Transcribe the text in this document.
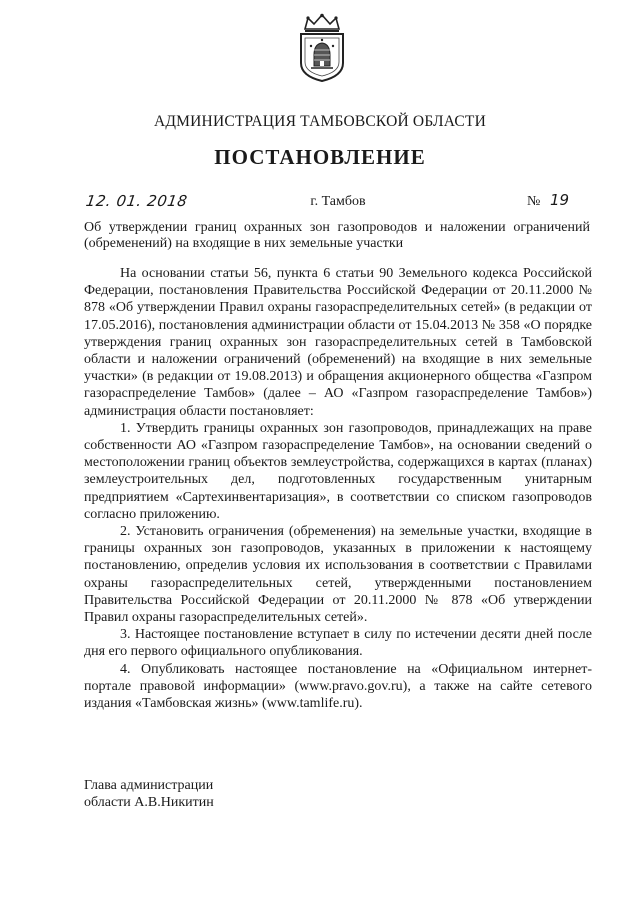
АДМИНИСТРАЦИЯ ТАМБОВСКОЙ ОБЛАСТИ
ПОСТАНОВЛЕНИЕ
12. 01. 2018	г. Тамбов	№ 19
Об утверждении границ охранных зон газопроводов и наложении ограничений (обременений) на входящие в них земельные участки

На основании статьи 56, пункта 6 статьи 90 Земельного кодекса Российской Федерации, постановления Правительства Российской Федерации от 20.11.2000 № 878 «Об утверждении Правил охраны газораспределительных сетей» (в редакции от 17.05.2016), постановления администрации области от 15.04.2013 № 358 «О порядке утверждения границ охранных зон газораспределительных сетей в Тамбовской области и наложении ограничений (обременений) на входящие в них земельные участки» (в редакции от 19.08.2013) и обращения акционерного общества «Газпром газораспределение Тамбов» (далее – АО «Газпром газораспределение Тамбов») администрация области постановляет:

1. Утвердить границы охранных зон газопроводов, принадлежащих на праве собственности АО «Газпром газораспределение Тамбов», на основании сведений о местоположении границ объектов землеустройства, содержащихся в картах (планах) землеустроительных дел, подготовленных государственным унитарным предприятием «Сартехинвентаризация», в соответствии со списком газопроводов согласно приложению.

2. Установить ограничения (обременения) на земельные участки, входящие в границы охранных зон газопроводов, указанных в приложении к настоящему постановлению, определив условия их использования в соответствии с Правилами охраны газораспределительных сетей, утвержденными постановлением Правительства Российской Федерации от 20.11.2000 № 878 «Об утверждении Правил охраны газораспределительных сетей».

3. Настоящее постановление вступает в силу по истечении десяти дней после дня его первого официального опубликования.

4. Опубликовать настоящее постановление на «Официальном интернет-портале правовой информации» (www.pravo.gov.ru), а также на сайте сетевого издания «Тамбовская жизнь» (www.tamlife.ru).

Глава администрации
области А.В.Никитин
